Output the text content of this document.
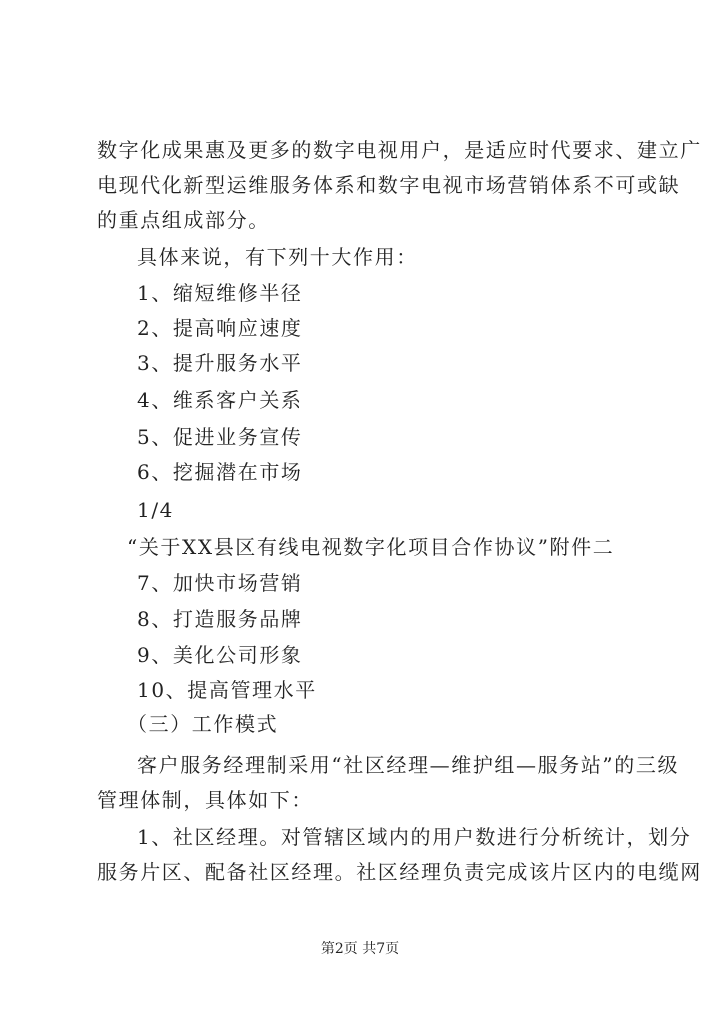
数字化成果惠及更多的数字电视用户，是适应时代要求、建立广
电现代化新型运维服务体系和数字电视市场营销体系不可或缺
的重点组成部分。
具体来说，有下列十大作用：
1、缩短维修半径
2、提高响应速度
3、提升服务水平
4、维系客户关系
5、促进业务宣传
6、挖掘潜在市场
1/4
“关于XX县区有线电视数字化项目合作协议”附件二
7、加快市场营销
8、打造服务品牌
9、美化公司形象
10、提高管理水平
（三）工作模式
客户服务经理制采用“社区经理—维护组—服务站”的三级
管理体制，具体如下：
1、社区经理。对管辖区域内的用户数进行分析统计，划分
服务片区、配备社区经理。社区经理负责完成该片区内的电缆网
第2页 共7页
